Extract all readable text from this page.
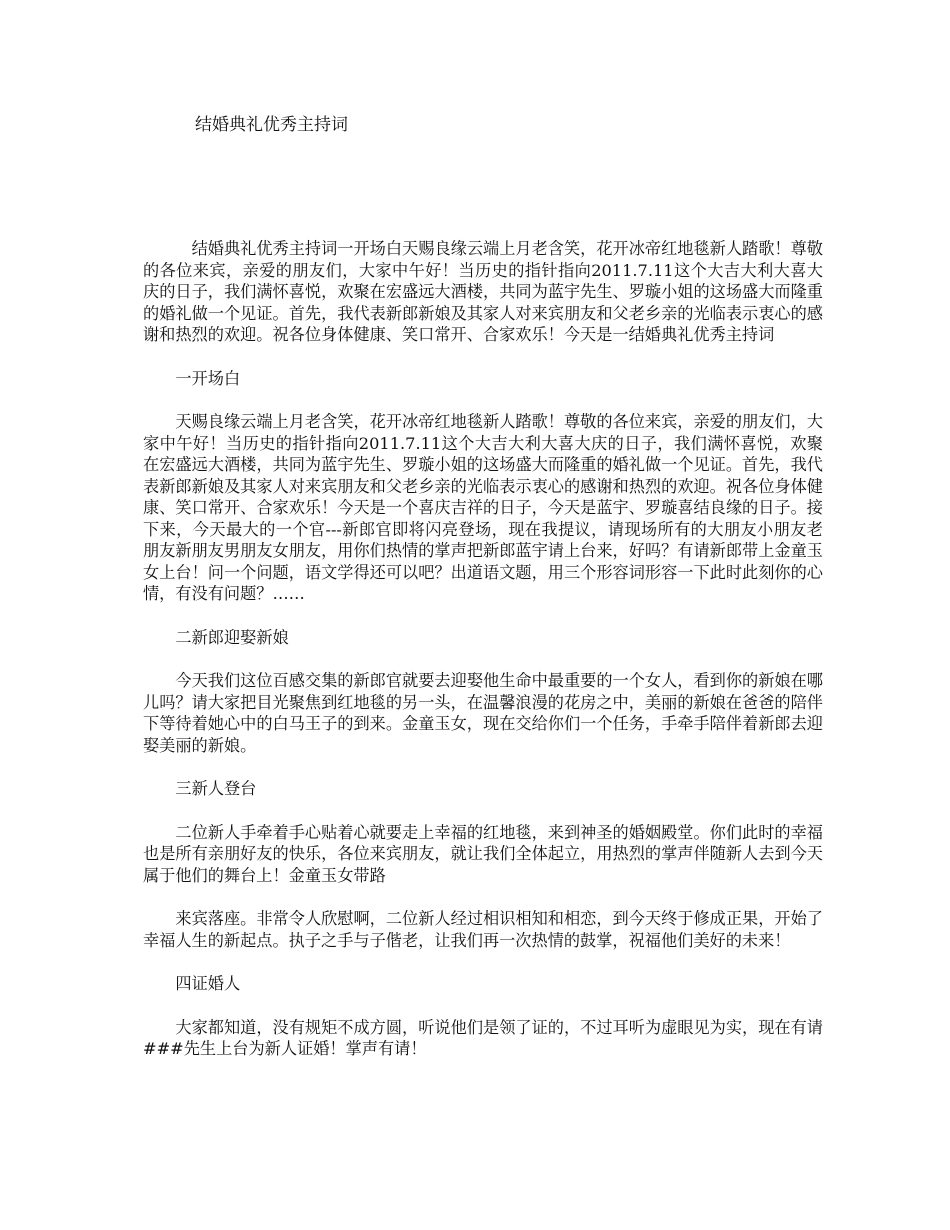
结婚典礼优秀主持词

结婚典礼优秀主持词一开场白天赐良缘云端上月老含笑，花开冰帝红地毯新人踏歌！尊敬的各位来宾，亲爱的朋友们，大家中午好！当历史的指针指向2011.7.11这个大吉大利大喜大庆的日子，我们满怀喜悦，欢聚在宏盛远大酒楼，共同为蓝宇先生、罗璇小姐的这场盛大而隆重的婚礼做一个见证。首先，我代表新郎新娘及其家人对来宾朋友和父老乡亲的光临表示衷心的感谢和热烈的欢迎。祝各位身体健康、笑口常开、合家欢乐！今天是一结婚典礼优秀主持词

一开场白

天赐良缘云端上月老含笑，花开冰帝红地毯新人踏歌！尊敬的各位来宾，亲爱的朋友们，大家中午好！当历史的指针指向2011.7.11这个大吉大利大喜大庆的日子，我们满怀喜悦，欢聚在宏盛远大酒楼，共同为蓝宇先生、罗璇小姐的这场盛大而隆重的婚礼做一个见证。首先，我代表新郎新娘及其家人对来宾朋友和父老乡亲的光临表示衷心的感谢和热烈的欢迎。祝各位身体健康、笑口常开、合家欢乐！今天是一个喜庆吉祥的日子，今天是蓝宇、罗璇喜结良缘的日子。接下来，今天最大的一个官---新郎官即将闪亮登场，现在我提议，请现场所有的大朋友小朋友老朋友新朋友男朋友女朋友，用你们热情的掌声把新郎蓝宇请上台来，好吗？有请新郎带上金童玉女上台！问一个问题，语文学得还可以吧？出道语文题，用三个形容词形容一下此时此刻你的心情，有没有问题？……

二新郎迎娶新娘

今天我们这位百感交集的新郎官就要去迎娶他生命中最重要的一个女人，看到你的新娘在哪儿吗？请大家把目光聚焦到红地毯的另一头，在温馨浪漫的花房之中，美丽的新娘在爸爸的陪伴下等待着她心中的白马王子的到来。金童玉女，现在交给你们一个任务，手牵手陪伴着新郎去迎娶美丽的新娘。

三新人登台

二位新人手牵着手心贴着心就要走上幸福的红地毯，来到神圣的婚姻殿堂。你们此时的幸福也是所有亲朋好友的快乐，各位来宾朋友，就让我们全体起立，用热烈的掌声伴随新人去到今天属于他们的舞台上！金童玉女带路

来宾落座。非常令人欣慰啊，二位新人经过相识相知和相恋，到今天终于修成正果，开始了幸福人生的新起点。执子之手与子偕老，让我们再一次热情的鼓掌，祝福他们美好的未来！

四证婚人

大家都知道，没有规矩不成方圆，听说他们是领了证的，不过耳听为虚眼见为实，现在有请###先生上台为新人证婚！掌声有请！
